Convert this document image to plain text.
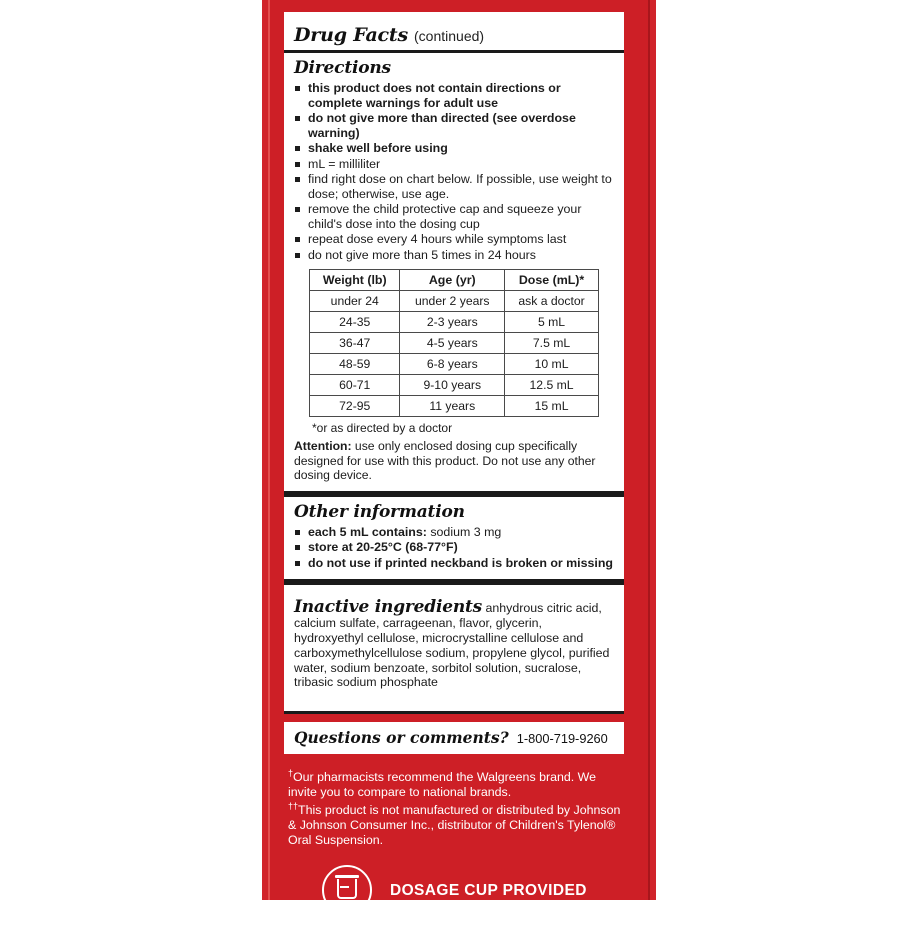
Drug Facts (continued)
Directions
this product does not contain directions or complete warnings for adult use
do not give more than directed (see overdose warning)
shake well before using
mL = milliliter
find right dose on chart below. If possible, use weight to dose; otherwise, use age.
remove the child protective cap and squeeze your child's dose into the dosing cup
repeat dose every 4 hours while symptoms last
do not give more than 5 times in 24 hours
Weight (lb)	Age (yr)	Dose (mL)*
under 24	under 2 years	ask a doctor
24-35	2-3 years	5 mL
36-47	4-5 years	7.5 mL
48-59	6-8 years	10 mL
60-71	9-10 years	12.5 mL
72-95	11 years	15 mL
*or as directed by a doctor

Attention: use only enclosed dosing cup specifically designed for use with this product. Do not use any other dosing device.

Other information
each 5 mL contains: sodium 3 mg
store at 20-25°C (68-77°F)
do not use if printed neckband is broken or missing

Inactive ingredients anhydrous citric acid, calcium sulfate, carrageenan, flavor, glycerin, hydroxyethyl cellulose, microcrystalline cellulose and carboxymethylcellulose sodium, propylene glycol, purified water, sodium benzoate, sorbitol solution, sucralose, tribasic sodium phosphate

Questions or comments? 1-800-719-9260

†Our pharmacists recommend the Walgreens brand. We invite you to compare to national brands.

††This product is not manufactured or distributed by Johnson & Johnson Consumer Inc., distributor of Children's Tylenol® Oral Suspension.

DOSAGE CUP PROVIDED
Gluten Free
